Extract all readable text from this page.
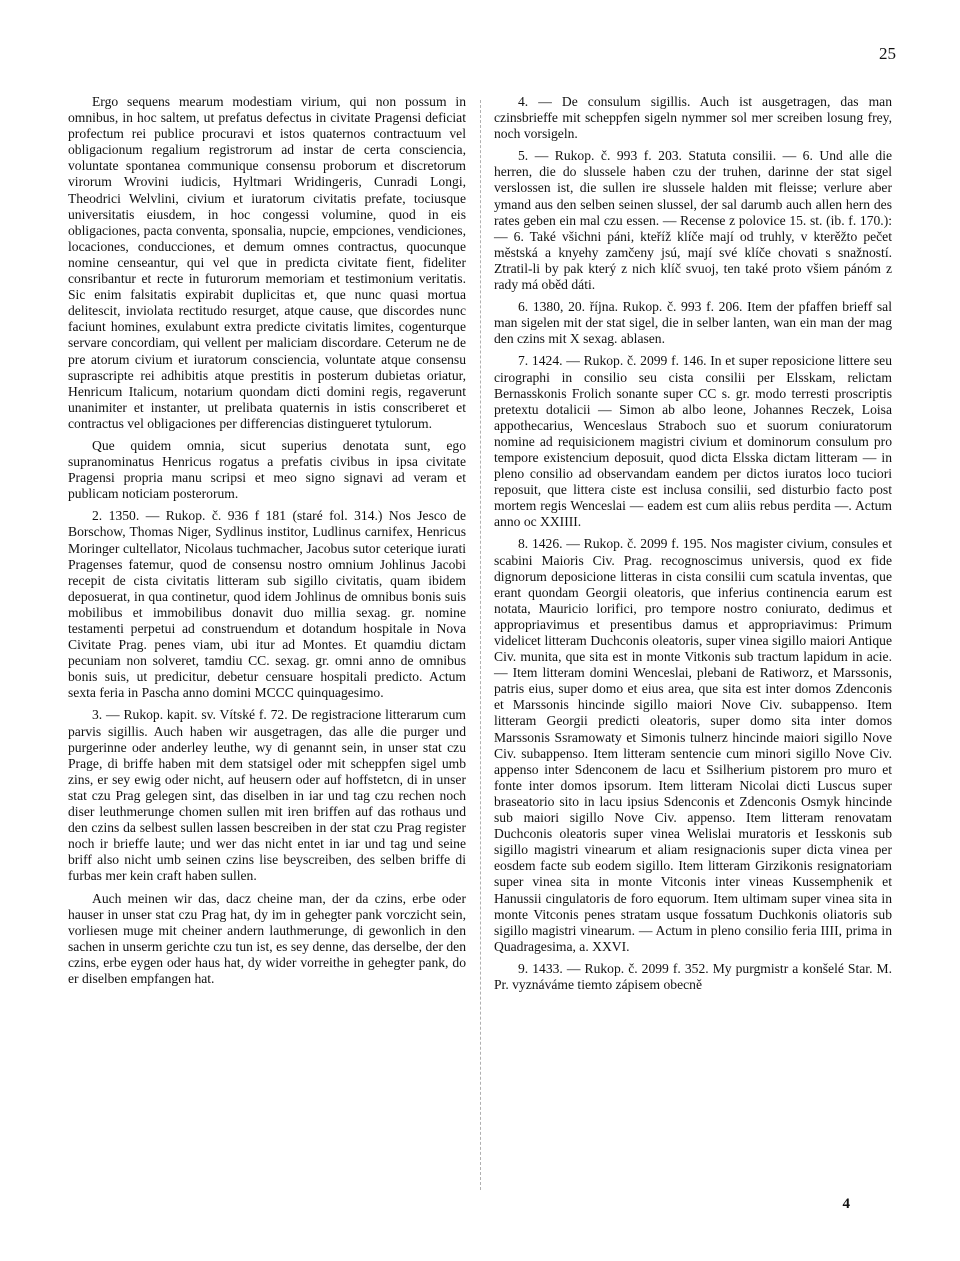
25

Ergo sequens mearum modestiam virium, qui non possum in omnibus, in hoc saltem, ut prefatus defectus in civitate Pragensi deficiat profectum rei publice procuravi et istos quaternos contractuum vel obligacionum regalium registrorum ad instar de certa consciencia, voluntate spontanea communique consensu proborum et discretorum virorum Wrovini iudicis, Hyltmari Wridingeris, Cunradi Longi, Theodrici Welvlini, civium et iuratorum civitatis prefate, tociusque universitatis eiusdem, in hoc congessi volumine, quod in eis obligaciones, pacta conventa, sponsalia, nupcie, empciones, vendiciones, locaciones, conducciones, et demum omnes contractus, quocunque nomine censeantur, qui vel que in predicta civitate fient, fideliter consribantur et recte in futurorum memoriam et testimonium veritatis. Sic enim falsitatis expirabit duplicitas et, que nunc quasi mortua delitescit, inviolata rectitudo resurget, atque cause, que discordes nunc faciunt homines, exulabunt extra predicte civitatis limites, cogenturque servare concordiam, qui vellent per maliciam discordare. Ceterum ne de pre atorum civium et iuratorum consciencia, voluntate atque consensu suprascripte rei adhibitis atque prestitis in posterum dubietas oriatur, Henricum Italicum, notarium quondam dicti domini regis, regaverunt unanimiter et instanter, ut prelibata quaternis in istis conscriberet et contractus vel obligaciones per differencias distingueret tytulorum.

Que quidem omnia, sicut superius denotata sunt, ego supranominatus Henricus rogatus a prefatis civibus in ipsa civitate Pragensi propria manu scripsi et meo signo signavi ad veram et publicam noticiam posterorum.

2. 1350. — Rukop. č. 936 f 181 (staré fol. 314.) Nos Jesco de Borschow, Thomas Niger, Sydlinus institor, Ludlinus carnifex, Henricus Moringer cultellator, Nicolaus tuchmacher, Jacobus sutor ceterique iurati Pragenses fatemur, quod de consensu nostro omnium Johlinus Jacobi recepit de cista civitatis litteram sub sigillo civitatis, quam ibidem deposuerat, in qua continetur, quod idem Johlinus de omnibus bonis suis mobilibus et immobilibus donavit duo millia sexag. gr. nomine testamenti perpetui ad construendum et dotandum hospitale in Nova Civitate Prag. penes viam, ubi itur ad Montes. Et quamdiu dictam pecuniam non solveret, tamdiu CC. sexag. gr. omni anno de omnibus bonis suis, ut predicitur, debetur censuare hospitali predicto. Actum sexta feria in Pascha anno domini MCCC quinquagesimo.

3. — Rukop. kapit. sv. Vítské f. 72. De registracione litterarum cum parvis sigillis. Auch haben wir ausgetragen, das alle die purger und purgerinne oder anderley leuthe, wy di genannt sein, in unser stat czu Prage, di briffe haben mit dem statsigel oder mit scheppfen sigel umb zins, er sey ewig oder nicht, auf heusern oder auf hoffstetcn, di in unser stat czu Prag gelegen sint, das diselben in iar und tag czu rechen noch diser leuthmerunge chomen sullen mit iren briffen auf das rothaus und den czins da selbest sullen lassen bescreiben in der stat czu Prag register noch ir brieffe laute; und wer das nicht entet in iar und tag und seine briff also nicht umb seinen czins lise beyscreiben, des selben briffe di furbas mer kein craft haben sullen.

Auch meinen wir das, dacz cheine man, der da czins, erbe oder hauser in unser stat czu Prag hat, dy im in gehegter pank vorczicht sein, vorliesen muge mit cheiner andern lauthmerunge, di gewonlich in den sachen in unserm gerichte czu tun ist, es sey denne, das derselbe, der den czins, erbe eygen oder haus hat, dy wider vorreithe in gehegter pank, do er diselben empfangen hat.

4. — De consulum sigillis. Auch ist ausgetragen, das man czinsbrieffe mit scheppfen sigeln nymmer sol mer screiben losung frey, noch vorsigeln.

5. — Rukop. č. 993 f. 203. Statuta consilii. — 6. Und alle die herren, die do slussele haben czu der truhen, darinne der stat sigel verslossen ist, die sullen ire slussele halden mit fleisse; verlure aber ymand aus den selben seinen slussel, der sal darumb auch allen hern des rates geben ein mal czu essen. — Recense z polovice 15. st. (ib. f. 170.): — 6. Také všichni páni, kteříž klíče mají od truhly, v kterěžto pečet městská a knyehy zamčeny jsú, mají své klíče chovati s snažností. Ztratil-li by pak který z nich klíč svuoj, ten také proto všiem pánóm z rady má oběd dáti.

6. 1380, 20. října. Rukop. č. 993 f. 206. Item der pfaffen brieff sal man sigelen mit der stat sigel, die in selber lanten, wan ein man der mag den czins mit X sexag. ablasen.

7. 1424. — Rukop. č. 2099 f. 146. In et super reposicione littere seu cirographi in consilio seu cista consilii per Elsskam, relictam Bernasskonis Frolich sonante super CC s. gr. modo terresti proscriptis pretextu dotalicii — Simon ab albo leone, Johannes Reczek, Loisa appothecarius, Wenceslaus Straboch suo et suorum coniuratorum nomine ad requisicionem magistri civium et dominorum consulum pro tempore existencium deposuit, quod dicta Elsska dictam litteram — in pleno consilio ad observandam eandem per dictos iuratos loco tuciori reposuit, que littera ciste est inclusa consilii, sed disturbio facto post mortem regis Wenceslai — eadem est cum aliis rebus perdita —. Actum anno oc XXIIII.

8. 1426. — Rukop. č. 2099 f. 195. Nos magister civium, consules et scabini Maioris Civ. Prag. recognoscimus universis, quod ex fide dignorum deposicione litteras in cista consilii cum scatula inventas, que erant quondam Georgii oleatoris, que inferius continencia earum est notata, Mauricio lorifici, pro tempore nostro coniurato, dedimus et appropriavimus et presentibus damus et appropriavimus: Primum videlicet litteram Duchconis oleatoris, super vinea sigillo maiori Antique Civ. munita, que sita est in monte Vitkonis sub tractum lapidum in acie. — Item litteram domini Wenceslai, plebani de Ratiworz, et Marssonis, patris eius, super domo et eius area, que sita est inter domos Zdenconis et Marssonis hincinde sigillo maiori Nove Civ. subappenso. Item litteram Georgii predicti oleatoris, super domo sita inter domos Marssonis Ssramowaty et Simonis tulnerz hincinde maiori sigillo Nove Civ. subappenso. Item litteram sentencie cum minori sigillo Nove Civ. appenso inter Sdenconem de lacu et Ssilherium pistorem pro muro et fonte inter domos ipsorum. Item litteram Nicolai dicti Luscus super braseatorio sito in lacu ipsius Sdenconis et Zdenconis Osmyk hincinde sub maiori sigillo Nove Civ. appenso. Item litteram renovatam Duchconis oleatoris super vinea Welislai muratoris et Iesskonis sub sigillo magistri vinearum et aliam resignacionis super dicta vinea per eosdem facte sub eodem sigillo. Item litteram Girzikonis resignatoriam super vinea sita in monte Vitconis inter vineas Kussemphenik et Hanussii cingulatoris de foro equorum. Item ultimam super vinea sita in monte Vitconis penes stratam usque fossatum Duchkonis oliatoris sub sigillo magistri vinearum. — Actum in pleno consilio feria IIII, prima in Quadragesima, a. XXVI.

9. 1433. — Rukop. č. 2099 f. 352. My purgmistr a konšelé Star. M. Pr. vyznáváme tiemto zápisem obecně

4
